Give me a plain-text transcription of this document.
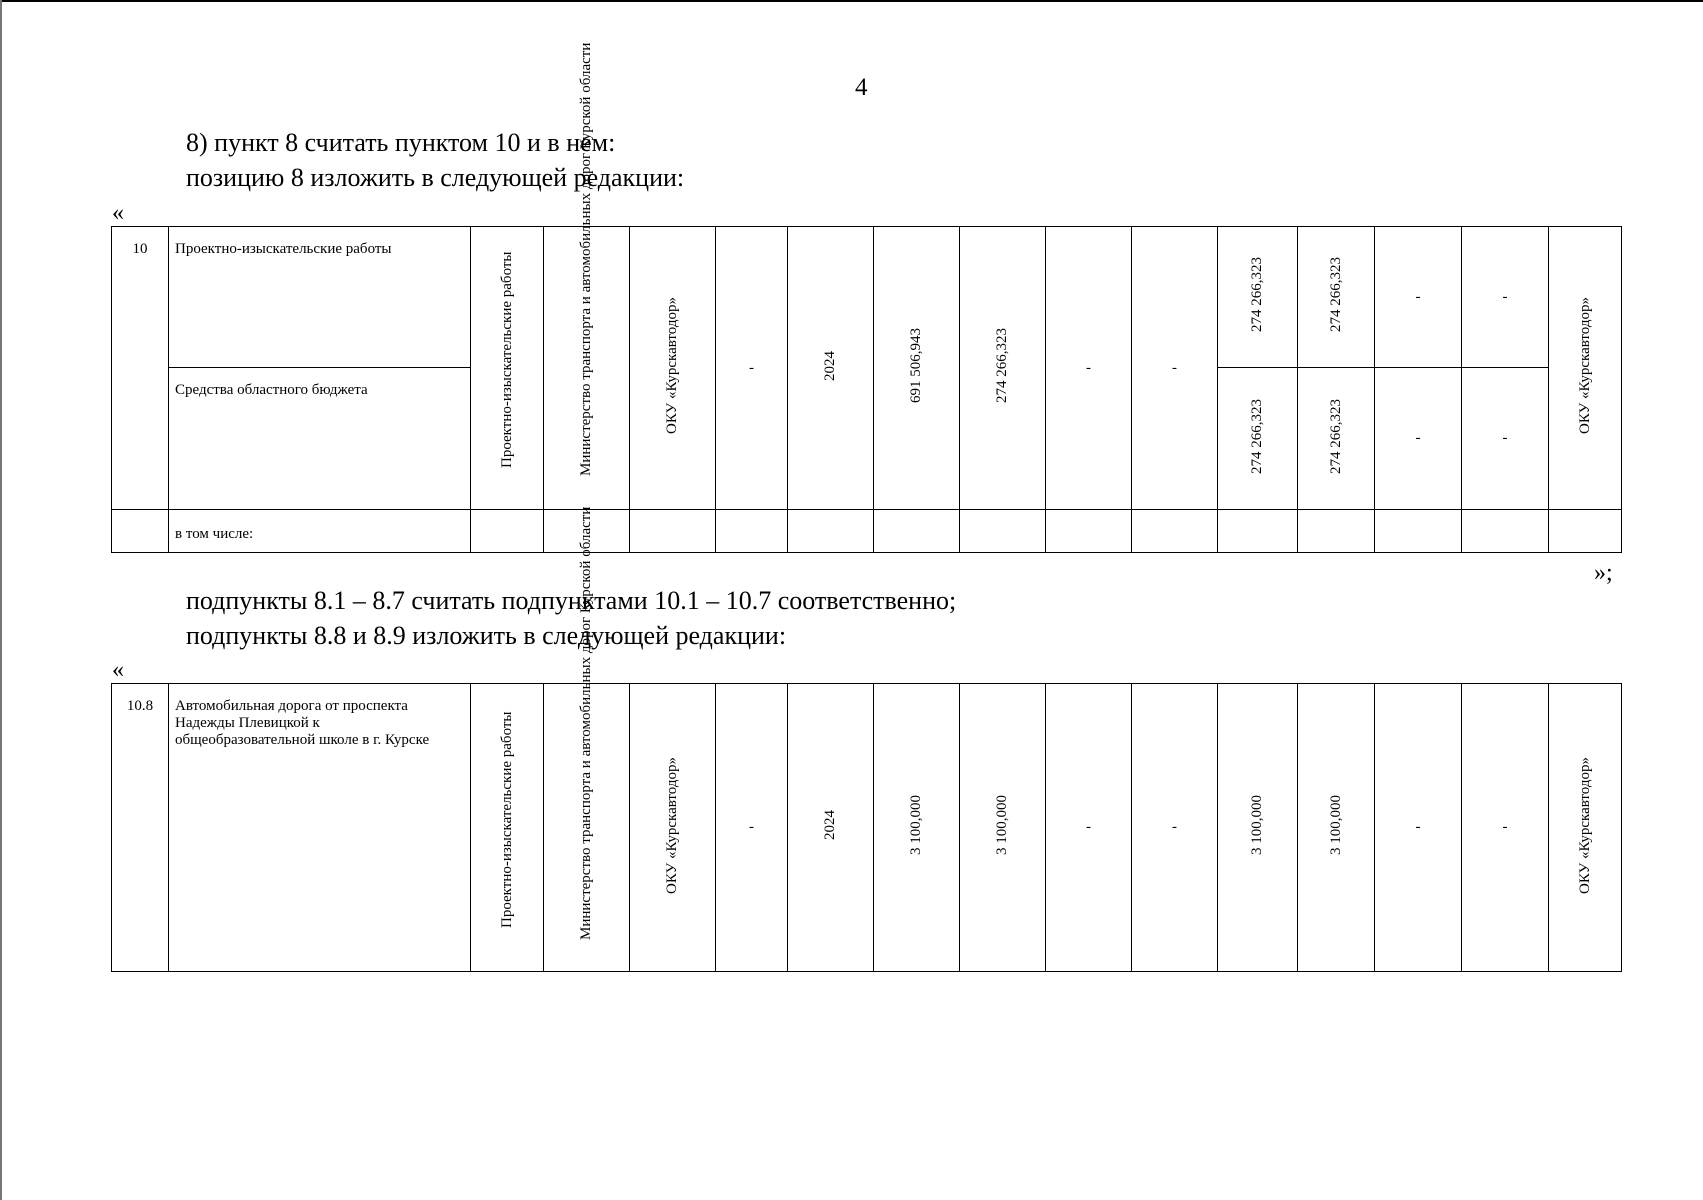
4
8) пункт 8 считать пунктом 10 и в нем:
позицию 8 изложить в следующей редакции:
«
10	Проектно-изыскательские работы	Проектно-изыскательские работы	Министерство транспорта и автомобильных дорог Курской области	ОКУ «Курскавтодор»	-	2024	691 506,943	274 266,323	-	-	274 266,323	274 266,323	-	-	ОКУ «Курскавтодор»
	Средства областного бюджета										274 266,323	274 266,323	-	-	
	в том числе:														
»;
подпункты 8.1 – 8.7 считать подпунктами 10.1 – 10.7 соответственно;
подпункты 8.8 и 8.9 изложить в следующей редакции:
«
10.8	Автомобильная дорога от проспекта Надежды Плевицкой к общеобразовательной школе в г. Курске	Проектно-изыскательские работы	Министерство транспорта и автомобильных дорог Курской области	ОКУ «Курскавтодор»	-	2024	3 100,000	3 100,000	-	-	3 100,000	3 100,000	-	-	ОКУ «Курскавтодор»
